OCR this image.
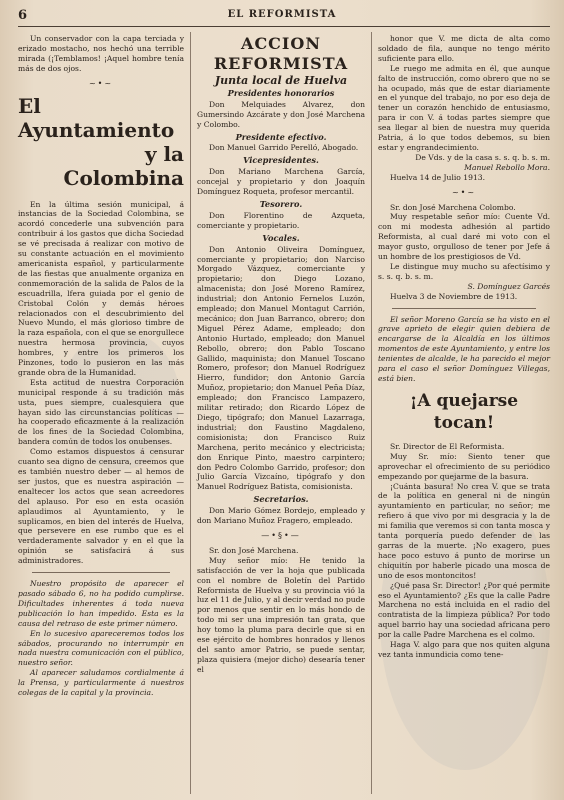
6	EL REFORMISTA

Un conservador con la capa terciada y erizado mostacho, nos hechó una terrible mirada (¡Temblamos! ¡Aquel hombre tenía más de dos ojos.

~•~
El Ayuntamiento
y la Colombina

En la última sesión municipal, á instancias de la Sociedad Colombina, se acordó concederle una subvención para contribuir á los gastos que dicha Sociedad se vé precisada á realizar con motivo de su constante actuación en el movimiento americanista español, y particularmente de las fiestas que anualmente organiza en conmemoración de la salida de Palos de la escuadrilla, lfera guiada por el genio de Cristobal Colón y demás héroes relacionados con el descubrimiento del Nuevo Mundo, el más glorioso timbre de la raza española, con el que se enorgullece nuestra hermosa provincia, cuyos hombres, y entre los primeros los Pinzones, todo lo pusieron en las más grande obra de la Humanidad.

Esta actitud de nuestra Corporación municipal responde á su tradición más usta, pues siempre, cualesquiera que hayan sido las circunstancias políticas —ha cooperado eficazmente á la realización de los fines de la Sociedad Colombina, bandera común de todos los onubenses.

Como estamos dispuestos á censurar cuanto sea digno de censura, creemos que es también nuestro deber — al hemos de ser justos, que es nuestra aspiración — enaltecer los actos que sean acreedores del aplauso. Por eso en esta ocasión aplaudimos al Ayuntamiento, y le suplicamos, en bien del interés de Huelva, que persevere en ese rumbo que es el verdaderamente salvador y en el que la opinión se satisfacirá á sus administradores.

Nuestro propósito de aparecer el pasado sábado 6, no ha podido cumplirse. Dificultades inherentes á toda nueva publicación lo han impedido. Esta es la causa del retraso de este primer número.

En lo sucesivo apareceremos todos los sábados, procurando no interrumpir en nada nuestra comunicación con el público, nuestro señor.

Al aparecer saludamos cordialmente á la Prensa, y particularmente á nuestros colegas de la capital y la provincia.

ACCION REFORMISTA
Junta local de Huelva
Presidentes honorarios

Don Melquiades Alvarez, don Gumersindo Azcárate y don José Marchena y Colombo.

Presidente efectivo.

Don Manuel Garrido Perelló, Abogado.

Vicepresidentes.

Don Mariano Marchena García, concejal y propietario y don Joaquín Domínguez Roqueta, profesor mercantil.

Tesorero.

Don Florentino de Azqueta, comerciante y propietario.

Vocales.

Don Antonio Oliveira Domínguez, comerciante y propietario; don Narciso Morgado Vázquez, comerciante y propietario; don Diego Lozano, almacenista; don José Moreno Ramírez, industrial; don Antonio Fernelos Luzón, empleado; don Manuel Montagut Carrión, mecánico; don Juan Barranco, obrero; don Miguel Pérez Adame, empleado; don Antonio Hurtado, empleado; don Manuel Rebollo, obrero; don Pablo Toscano Gallido, maquinista; don Manuel Toscano Romero, profesor; don Manuel Rodríguez Hierro, fundidor; don Antonio García Muñoz, propietario; don Manuel Peña Díaz, empleado; don Francisco Lampazero, militar retirado; don Ricardo López de Diego, tipógrafo; don Manuel Lazarraga, industrial; don Faustino Magdaleno, comisionista; don Francisco Ruiz Marchena, perito mecánico y electricista; don Enrique Pinto, maestro carpintero; don Pedro Colombo Garrido, profesor; don Julio García Vizcaíno, tipógrafo y don Manuel Rodríguez Batista, comisionista.

Secretarios.

Don Mario Gómez Bordejo, empleado y don Mariano Muñoz Fragero, empleado.

—•§•—

Sr. don José Marchena.

Muy señor mío: He tenido la satisfacción de ver la hoja que publicada con el nombre de Boletín del Partido Reformista de Huelva y su provincia vió la luz el 11 de Julio, y al decir verdad no pude por menos que sentir en lo más hondo de todo mi ser una impresión tan grata, que hoy tomo la pluma para decirle que si en ese ejército de hombres honrados y llenos del santo amor Patrio, se puede sentar, plaza quisiera (mejor dicho) desearía tener el

honor que V. me dicta de alta como soldado de fila, aunque no tengo mérito suficiente para ello.

Le ruego me admita en él, que aunque falto de instrucción, como obrero que no se ha ocupado, más que de estar diariamente en el yunque del trabajo, no por eso deja de tener un corazón henchido de entusiasmo, para ir con V. á todas partes siempre que sea llegar al bien de nuestra muy querida Patria, á lo que todos debemos, su bien estar y engrandecimiento.

De Vds. y de la casa s. s. q. b. s. m.

Manuel Rebollo Mora.

Huelva 14 de Julio 1913.

~•~

Sr. don José Marchena Colombo.

Muy respetable señor mío: Cuente Vd. con mi modesta adhesión al partido Reformista, al cual daré mi voto con el mayor gusto, orgulloso de tener por Jefe á un hombre de los prestigiosos de Vd.

Le distingue muy mucho su afectísimo y s. s. q. b. s. m.

S. Domínguez Garcés

Huelva 3 de Noviembre de 1913.

El señor Moreno García se ha visto en el grave aprieto de elegir quien debiera de encargarse de la Alcaldía en los últimos momentos de este Ayuntamiento, y entre los tenientes de alcalde, le ha parecido el mejor para el caso el señor Domínguez Villegas, está bien.

¡A quejarse tocan!

Sr. Director de El Reformista.

Muy Sr. mío: Siento tener que aprovechar el ofrecimiento de su periódico empezando por quejarme de la basura.

¡Cuánta basura! No crea V. que se trata de la política en general ni de ningún ayuntamiento en particular, no señor; me refiero á que vivo por mi desgracia y la de mi familia que veremos si con tanta mosca y tanta porquería puedo defender de las garras de la muerte. ¡No exagero, pues hace poco estuvo á punto de morirse un chiquitín por haberle picado una mosca de uno de esos montoncitos!

¿Qué pasa Sr. Director! ¿Por qué permite eso el Ayuntamiento? ¿Es que la calle Padre Marchena no está incluida en el radio del contratista de la limpieza pública? Por todo aquel barrio hay una sociedad africana pero por la calle Padre Marchena es el colmo.

Haga V. algo para que nos quiten alguna vez tanta inmundicia como tene-
